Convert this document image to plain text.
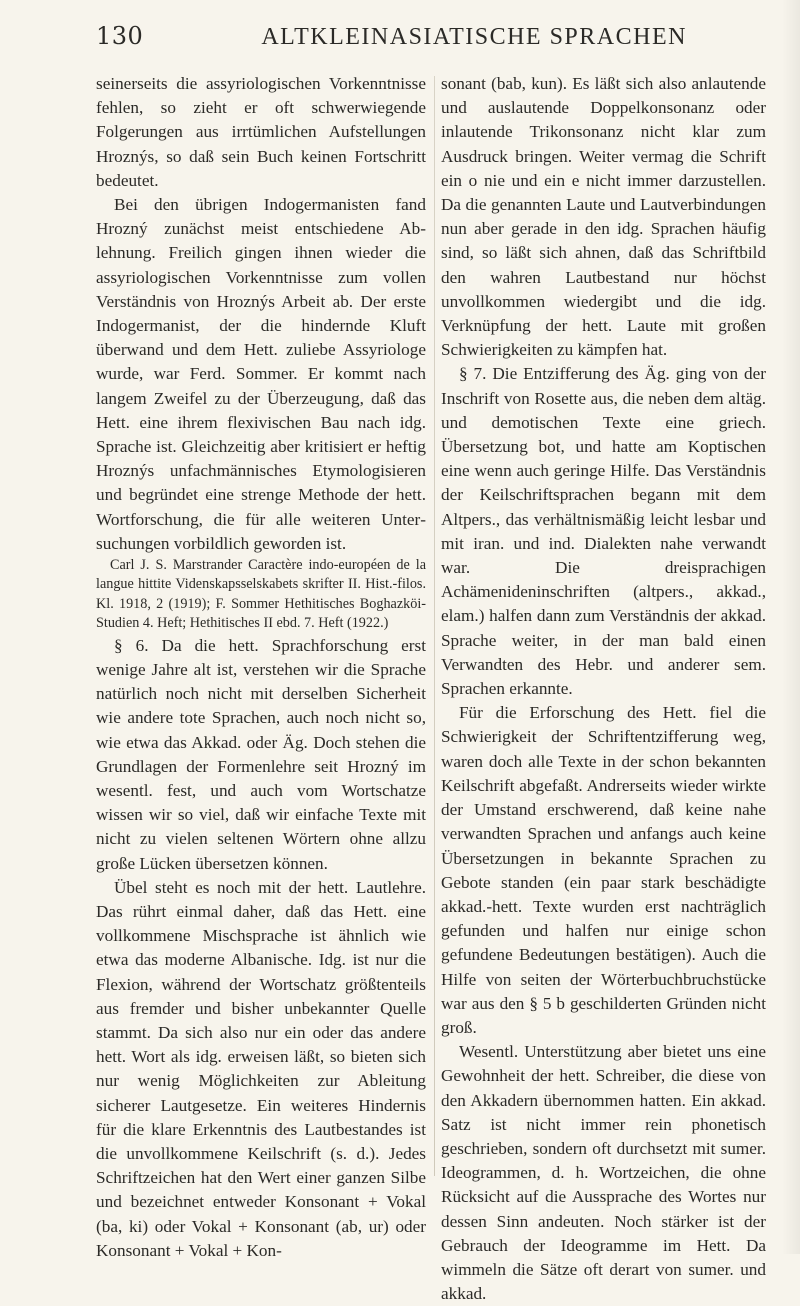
130	ALTKLEINASIATISCHE SPRACHEN

seinerseits die assyriologischen Vorkenntnisse fehlen, so zieht er oft schwerwiegende Folgerungen aus irrtümlichen Aufstellungen Hroznýs, so daß sein Buch keinen Fortschritt bedeutet.

Bei den übrigen Indogermanisten fand Hrozný zunächst meist entschiedene Ablehnung. Freilich gingen ihnen wieder die assyriologischen Vorkenntnisse zum vollen Verständnis von Hroznýs Arbeit ab. Der erste Indogermanist, der die hindernde Kluft überwand und dem Hett. zuliebe Assyriologe wurde, war Ferd. Sommer. Er kommt nach langem Zweifel zu der Überzeugung, daß das Hett. eine ihrem flexivischen Bau nach idg. Sprache ist. Gleichzeitig aber kritisiert er heftig Hroznýs unfachmännisches Etymologisieren und begründet eine strenge Methode der hett. Wortforschung, die für alle weiteren Untersuchungen vorbildlich geworden ist.

Carl J. S. Marstrander Caractère indo-européen de la langue hittite Videnskapsselskabets skrifter II. Hist.-filos. Kl. 1918, 2 (1919); F. Sommer Hethitisches Boghazköi-Studien 4. Heft; Hethitisches II ebd. 7. Heft (1922.)

§ 6. Da die hett. Sprachforschung erst wenige Jahre alt ist, verstehen wir die Sprache natürlich noch nicht mit derselben Sicherheit wie andere tote Sprachen, auch noch nicht so, wie etwa das Akkad. oder Äg. Doch stehen die Grundlagen der Formenlehre seit Hrozný im wesentl. fest, und auch vom Wortschatze wissen wir so viel, daß wir einfache Texte mit nicht zu vielen seltenen Wörtern ohne allzu große Lücken übersetzen können.

Übel steht es noch mit der hett. Lautlehre. Das rührt einmal daher, daß das Hett. eine vollkommene Mischsprache ist ähnlich wie etwa das moderne Albanische. Idg. ist nur die Flexion, während der Wortschatz größtenteils aus fremder und bisher unbekannter Quelle stammt. Da sich also nur ein oder das andere hett. Wort als idg. erweisen läßt, so bieten sich nur wenig Möglichkeiten zur Ableitung sicherer Lautgesetze. Ein weiteres Hindernis für die klare Erkenntnis des Lautbestandes ist die unvollkommene Keilschrift (s. d.). Jedes Schriftzeichen hat den Wert einer ganzen Silbe und bezeichnet entweder Konsonant + Vokal (ba, ki) oder Vokal + Konsonant (ab, ur) oder Konsonant + Vokal + Kon-

sonant (bab, kun). Es läßt sich also anlautende und auslautende Doppelkonsonanz oder inlautende Trikonsonanz nicht klar zum Ausdruck bringen. Weiter vermag die Schrift ein o nie und ein e nicht immer darzustellen. Da die genannten Laute und Lautverbindungen nun aber gerade in den idg. Sprachen häufig sind, so läßt sich ahnen, daß das Schriftbild den wahren Lautbestand nur höchst unvollkommen wiedergibt und die idg. Verknüpfung der hett. Laute mit großen Schwierigkeiten zu kämpfen hat.

§ 7. Die Entzifferung des Äg. ging von der Inschrift von Rosette aus, die neben dem altäg. und demotischen Texte eine griech. Übersetzung bot, und hatte am Koptischen eine wenn auch geringe Hilfe. Das Verständnis der Keilschriftsprachen begann mit dem Altpers., das verhältnismäßig leicht lesbar und mit iran. und ind. Dialekten nahe verwandt war. Die dreisprachigen Achämenideninschriften (altpers., akkad., elam.) halfen dann zum Verständnis der akkad. Sprache weiter, in der man bald einen Verwandten des Hebr. und anderer sem. Sprachen erkannte.

Für die Erforschung des Hett. fiel die Schwierigkeit der Schriftentzifferung weg, waren doch alle Texte in der schon bekannten Keilschrift abgefaßt. Andrerseits wieder wirkte der Umstand erschwerend, daß keine nahe verwandten Sprachen und anfangs auch keine Übersetzungen in bekannte Sprachen zu Gebote standen (ein paar stark beschädigte akkad.-hett. Texte wurden erst nachträglich gefunden und halfen nur einige schon gefundene Bedeutungen bestätigen). Auch die Hilfe von seiten der Wörterbuchbruchstücke war aus den § 5 b geschilderten Gründen nicht groß.

Wesentl. Unterstützung aber bietet uns eine Gewohnheit der hett. Schreiber, die diese von den Akkadern übernommen hatten. Ein akkad. Satz ist nicht immer rein phonetisch geschrieben, sondern oft durchsetzt mit sumer. Ideogrammen, d. h. Wortzeichen, die ohne Rücksicht auf die Aussprache des Wortes nur dessen Sinn andeuten. Noch stärker ist der Gebrauch der Ideogramme im Hett. Da wimmeln die Sätze oft derart von sumer. und akkad.
